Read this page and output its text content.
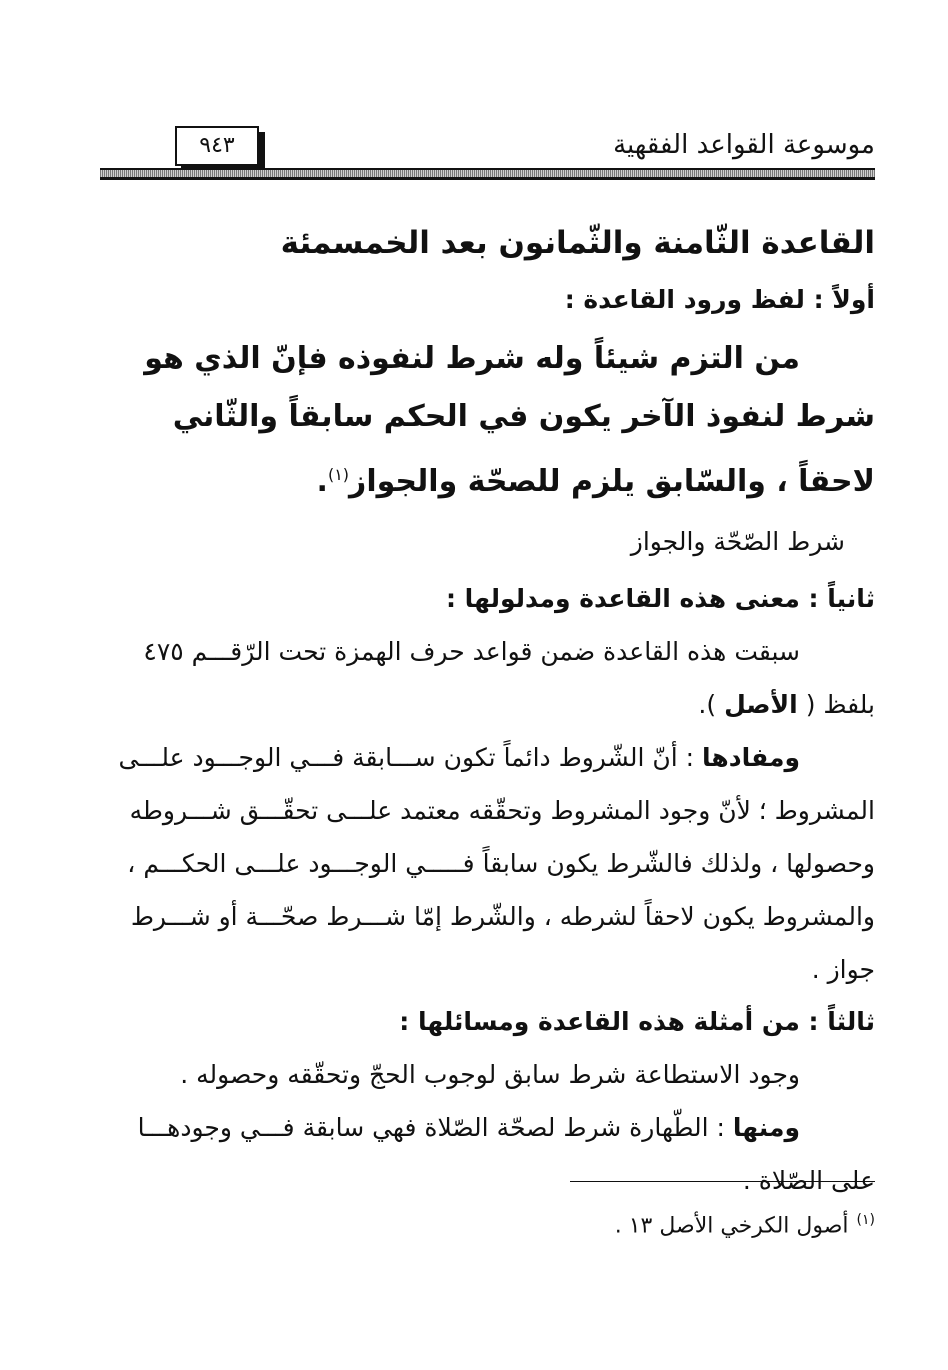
٩٤٣	موسوعة القواعد الفقهية
القاعدة الثّامنة والثّمانون بعد الخمسمئة
أولاً : لفظ ورود القاعدة :
من التزم شيئاً وله شرط لنفوذه فإنّ الذي هو
شرط لنفوذ الآخر يكون في الحكم سابقاً والثّاني
لاحقاً ، والسّابق يلزم للصحّة والجواز$^{(١)}$.
شرط الصّحّة والجواز
ثانياً : معنى هذه القاعدة ومدلولها :
سبقت هذه القاعدة ضمن قواعد حرف الهمزة تحت الرّقـــم ٤٧٥
بلفظ ( الأصل ).
ومفادها : أنّ الشّروط دائماً تكون ســـابقة فـــي الوجـــود علـــى
المشروط ؛ لأنّ وجود المشروط وتحقّقه معتمد علـــى تحقّـــق شـــروطه
وحصولها ، ولذلك فالشّرط يكون سابقاً فـــــي الوجـــود علـــى الحكـــم ،
والمشروط يكون لاحقاً لشرطه ، والشّرط إمّا شـــرط صحّـــة أو شـــرط
جواز .
ثالثاً : من أمثلة هذه القاعدة ومسائلها :
وجود الاستطاعة شرط سابق لوجوب الحجّ وتحقّقه وحصوله .
ومنها : الطّهارة شرط لصحّة الصّلاة فهي سابقة فـــي وجودهـــا
على الصّلاة .
$^{(١)}$أصول الكرخي الأصل ١٣ .
